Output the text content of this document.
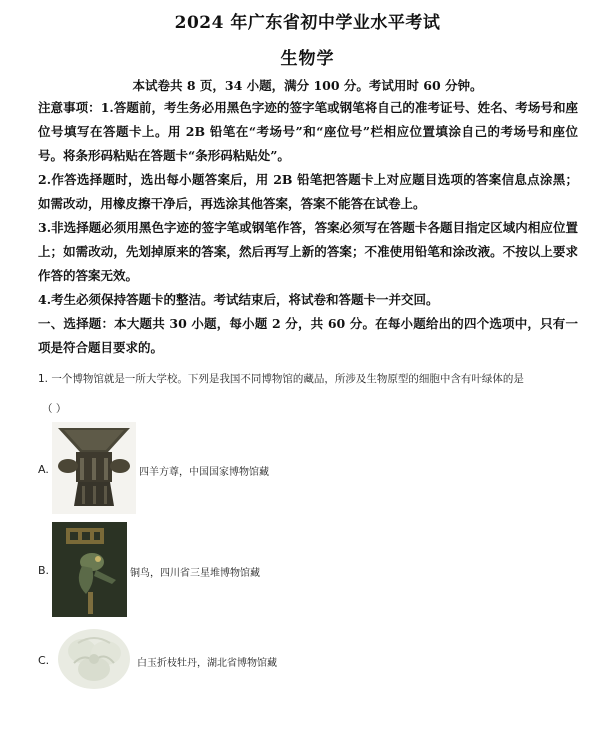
2024 年广东省初中学业水平考试
生物学
本试卷共 8 页，34 小题，满分 100 分。考试用时 60 分钟。

注意事项：1.答题前，考生务必用黑色字迹的签字笔或钢笔将自己的准考证号、姓名、考场号和座位号填写在答题卡上。用 2B 铅笔在“考场号”和“座位号”栏相应位置填涂自己的考场号和座位号。将条形码粘贴在答题卡“条形码粘贴处”。

2.作答选择题时，选出每小题答案后，用 2B 铅笔把答题卡上对应题目选项的答案信息点涂黑；如需改动，用橡皮擦干净后，再选涂其他答案，答案不能答在试卷上。

3.非选择题必须用黑色字迹的签字笔或钢笔作答，答案必须写在答题卡各题目指定区域内相应位置上；如需改动，先划掉原来的答案，然后再写上新的答案；不准使用铅笔和涂改液。不按以上要求作答的答案无效。

4.考生必须保持答题卡的整洁。考试结束后，将试卷和答题卡一并交回。

一、选择题：本大题共 30 小题，每小题 2 分，共 60 分。在每小题给出的四个选项中，只有一项是符合题目要求的。

1. 一个博物馆就是一所大学校。下列是我国不同博物馆的藏品，所涉及生物原型的细胞中含有叶绿体的是
（ ）
A.	四羊方尊，中国国家博物馆藏
B.	铜鸟，四川省三星堆博物馆藏
C.	白玉折枝牡丹，湖北省博物馆藏
